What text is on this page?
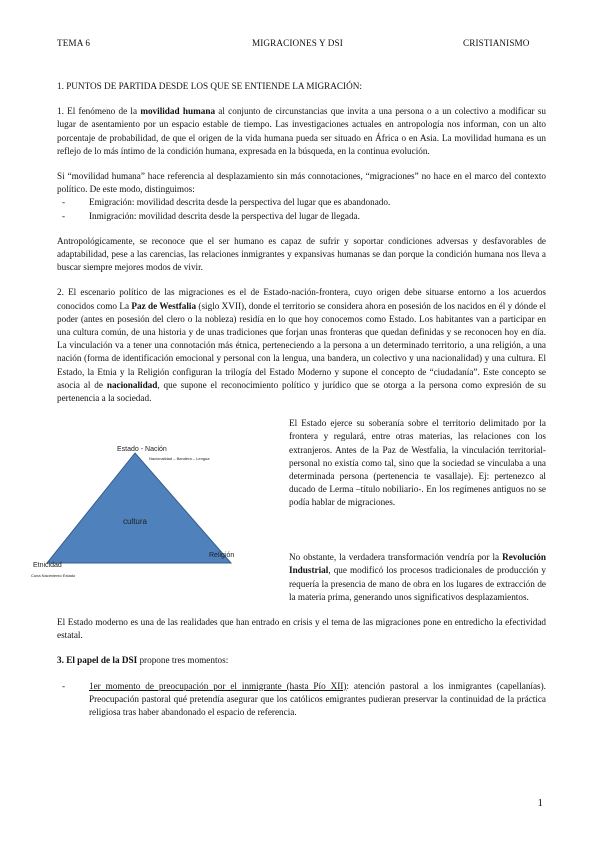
TEMA 6	MIGRACIONES Y DSI	CRISTIANISMO

1. PUNTOS DE PARTIDA DESDE LOS QUE SE ENTIENDE LA MIGRACIÓN:

1. El fenómeno de la movilidad humana al conjunto de circunstancias que invita a una persona o a un colectivo a modificar su lugar de asentamiento por un espacio estable de tiempo. Las investigaciones actuales en antropología nos informan, con un alto porcentaje de probabilidad, de que el origen de la vida humana pueda ser situado en África o en Asia. La movilidad humana es un reflejo de lo más íntimo de la condición humana, expresada en la búsqueda, en la continua evolución.

Si “movilidad humana” hace referencia al desplazamiento sin más connotaciones, “migraciones” no hace en el marco del contexto político. De este modo, distinguimos:

- Emigración: movilidad descrita desde la perspectiva del lugar que es abandonado.
- Inmigración: movilidad descrita desde la perspectiva del lugar de llegada.

Antropológicamente, se reconoce que el ser humano es capaz de sufrir y soportar condiciones adversas y desfavorables de adaptabilidad, pese a las carencias, las relaciones inmigrantes y expansivas humanas se dan porque la condición humana nos lleva a buscar siempre mejores modos de vivir.

2. El escenario político de las migraciones es el de Estado-nación-frontera, cuyo origen debe situarse entorno a los acuerdos conocidos como La Paz de Westfalia (siglo XVII), donde el territorio se considera ahora en posesión de los nacidos en él y dónde el poder (antes en posesión del clero o la nobleza) residía en lo que hoy conocemos como Estado. Los habitantes van a participar en una cultura común, de una historia y de unas tradiciones que forjan unas fronteras que quedan definidas y se reconocen hoy en día. La vinculación va a tener una connotación más étnica, perteneciendo a la persona a un determinado territorio, a una religión, a una nación (forma de identificación emocional y personal con la lengua, una bandera, un colectivo y una nacionalidad) y una cultura. El Estado, la Etnia y la Religión configuran la trilogía del Estado Moderno y supone el concepto de “ciudadanía”. Este concepto se asocia al de nacionalidad, que supone el reconocimiento político y jurídico que se otorga a la persona como expresión de su pertenencia a la sociedad.

Estado - Nación
Nacionalidad – Bandera – Lengua
cultura
Etnicidad
Cuna Nacimiento Estado
Religión

El Estado ejerce su soberanía sobre el territorio delimitado por la frontera y regulará, entre otras materias, las relaciones con los extranjeros. Antes de la Paz de Westfalia, la vinculación territorial-personal no existía como tal, sino que la sociedad se vinculaba a una determinada persona (pertenencia te vasallaje). Ej: pertenezco al ducado de Lerma –título nobiliario-. En los regímenes antiguos no se podía hablar de migraciones.

No obstante, la verdadera transformación vendría por la Revolución Industrial, que modificó los procesos tradicionales de producción y requería la presencia de mano de obra en los lugares de extracción de la materia prima, generando unos significativos desplazamientos.

El Estado moderno es una de las realidades que han entrado en crisis y el tema de las migraciones pone en entredicho la efectividad estatal.

3. El papel de la DSI propone tres momentos:

-	1er momento de preocupación por el inmigrante (hasta Pío XII): atención pastoral a los inmigrantes (capellanías). Preocupación pastoral qué pretendía asegurar que los católicos emigrantes pudieran preservar la continuidad de la práctica religiosa tras haber abandonado el espacio de referencia.

1
